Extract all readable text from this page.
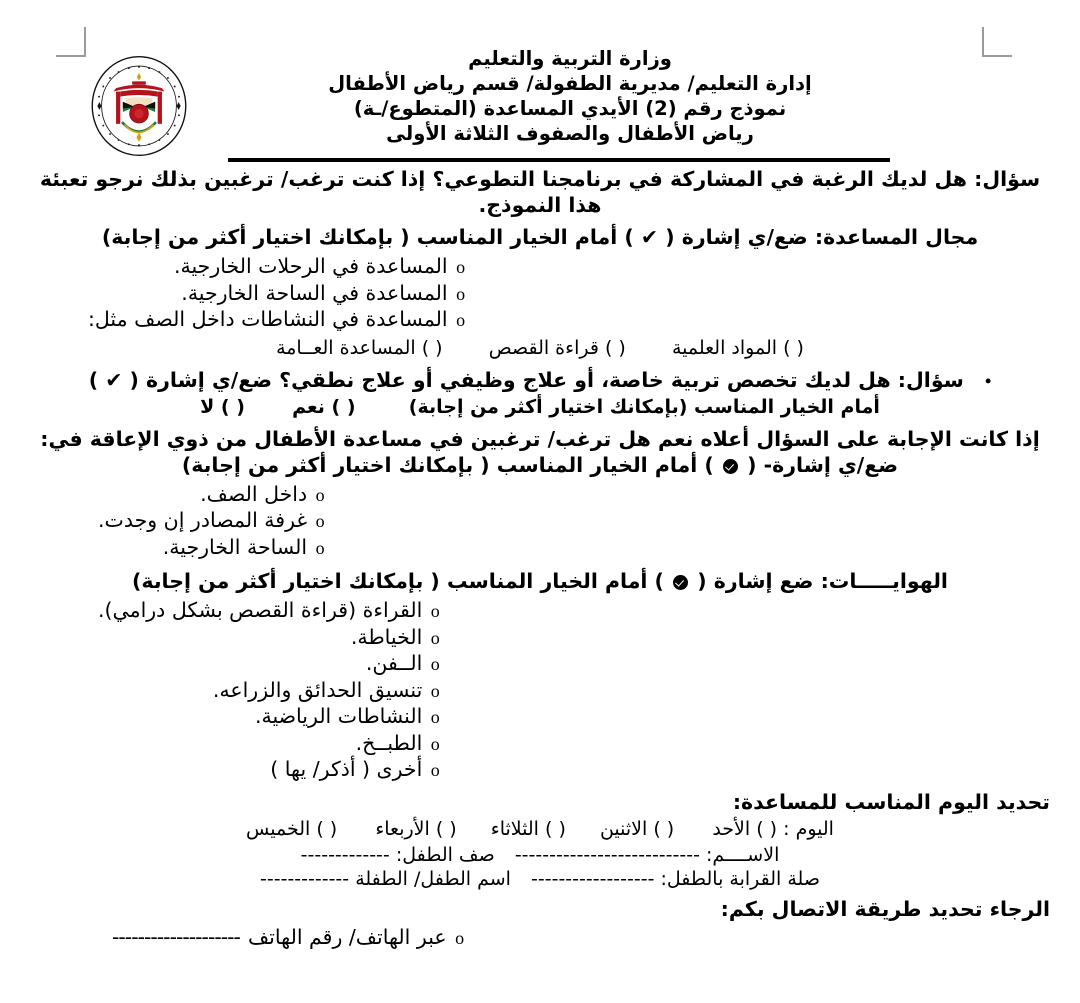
وزارة التربية والتعليم
إدارة التعليم/ مديرية الطفولة/ قسم رياض الأطفال
نموذج رقم (2) الأيدي المساعدة (المتطوع/ـة)
رياض الأطفال والصفوف الثلاثة الأولى
سؤال: هل لديك الرغبة في المشاركة في برنامجنا التطوعي؟ إذا كنت ترغب/ ترغبين بذلك نرجو تعبئة
هذا النموذج.
مجال المساعدة: ضع/ي إشارة ( ✔ ) أمام الخيار المناسب ( بإمكانك اختيار أكثر من إجابة)
o
المساعدة في الرحلات الخارجية.
o
المساعدة في الساحة الخارجية.
o
المساعدة في النشاطات داخل الصف مثل:
( ) المواد العلمية  ( ) قراءة القصص  ( ) المساعدة العــامة
• سؤال: هل لديك تخصص تربية خاصة، أو علاج وظيفي أو علاج نطقي؟ ضع/ي إشارة ( ✔ )
أمام الخيار المناسب (بإمكانك اختيار أكثر من إجابة)  ( ) نعم  ( ) لا
إذا كانت الإجابة على السؤال أعلاه نعم هل ترغب/ ترغبين في مساعدة الأطفال من ذوي الإعاقة في:
ضع/ي إشارة- (  ) أمام الخيار المناسب ( بإمكانك اختيار أكثر من إجابة)
o
داخل الصف.
o
غرفة المصادر إن وجدت.
o
الساحة الخارجية.
الهوايـــــات: ضع إشارة (  ) أمام الخيار المناسب ( بإمكانك اختيار أكثر من إجابة)
o
القراءة (قراءة القصص بشكل درامي).
o
الخياطة.
o
الــفن.
o
تنسيق الحدائق والزراعه.
o
النشاطات الرياضية.
o
الطبــخ.
o
أخرى ( أذكر/ يها )
تحديد اليوم المناسب للمساعدة:
اليوم : ( ) الأحد  ( ) الاثنين  ( ) الثلاثاء  ( ) الأربعاء  ( ) الخميس
الاســــم: ---------------------------  صف الطفل: -------------
صلة القرابة بالطفل: ------------------  اسم الطفل/ الطفلة -------------
الرجاء تحديد طريقة الاتصال بكم:
o
عبر الهاتف/ رقم الهاتف
--------------------
